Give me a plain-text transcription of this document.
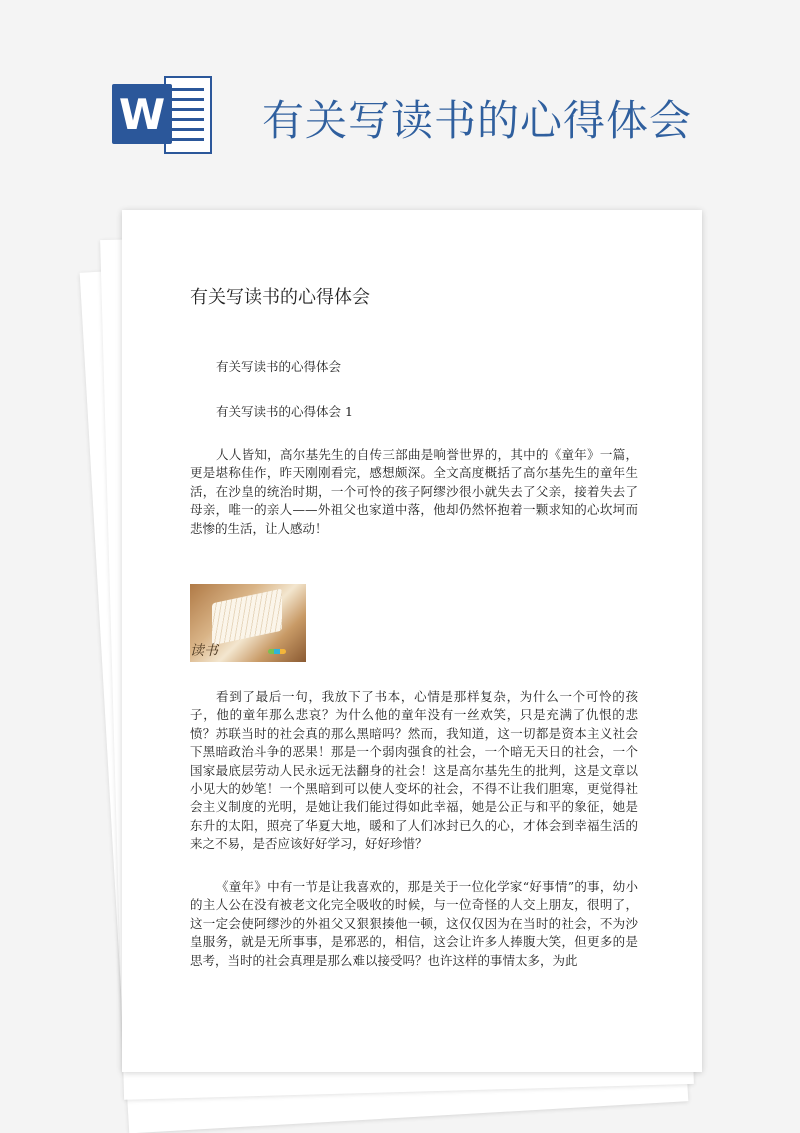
W 有关写读书的心得体会
有关写读书的心得体会

有关写读书的心得体会

有关写读书的心得体会 1

人人皆知，高尔基先生的自传三部曲是响誉世界的，其中的《童年》一篇，更是堪称佳作，昨天刚刚看完，感想颇深。全文高度概括了高尔基先生的童年生活，在沙皇的统治时期，一个可怜的孩子阿缪沙很小就失去了父亲，接着失去了母亲，唯一的亲人——外祖父也家道中落，他却仍然怀抱着一颗求知的心坎坷而悲惨的生活，让人感动！

读书

看到了最后一句，我放下了书本，心情是那样复杂，为什么一个可怜的孩子，他的童年那么悲哀？为什么他的童年没有一丝欢笑，只是充满了仇恨的悲愤？苏联当时的社会真的那么黑暗吗？然而，我知道，这一切都是资本主义社会下黑暗政治斗争的恶果！那是一个弱肉强食的社会，一个暗无天日的社会，一个国家最底层劳动人民永远无法翻身的社会！这是高尔基先生的批判，这是文章以小见大的妙笔！一个黑暗到可以使人变坏的社会，不得不让我们胆寒，更觉得社会主义制度的光明，是她让我们能过得如此幸福，她是公正与和平的象征，她是东升的太阳，照亮了华夏大地，暖和了人们冰封已久的心，才体会到幸福生活的来之不易，是否应该好好学习，好好珍惜？

《童年》中有一节是让我喜欢的，那是关于一位化学家“好事情”的事，幼小的主人公在没有被老文化完全吸收的时候，与一位奇怪的人交上朋友，很明了，这一定会使阿缪沙的外祖父又狠狠揍他一顿，这仅仅因为在当时的社会，不为沙皇服务，就是无所事事，是邪恶的，相信，这会让许多人捧腹大笑，但更多的是思考，当时的社会真理是那么难以接受吗？也许这样的事情太多，为此
